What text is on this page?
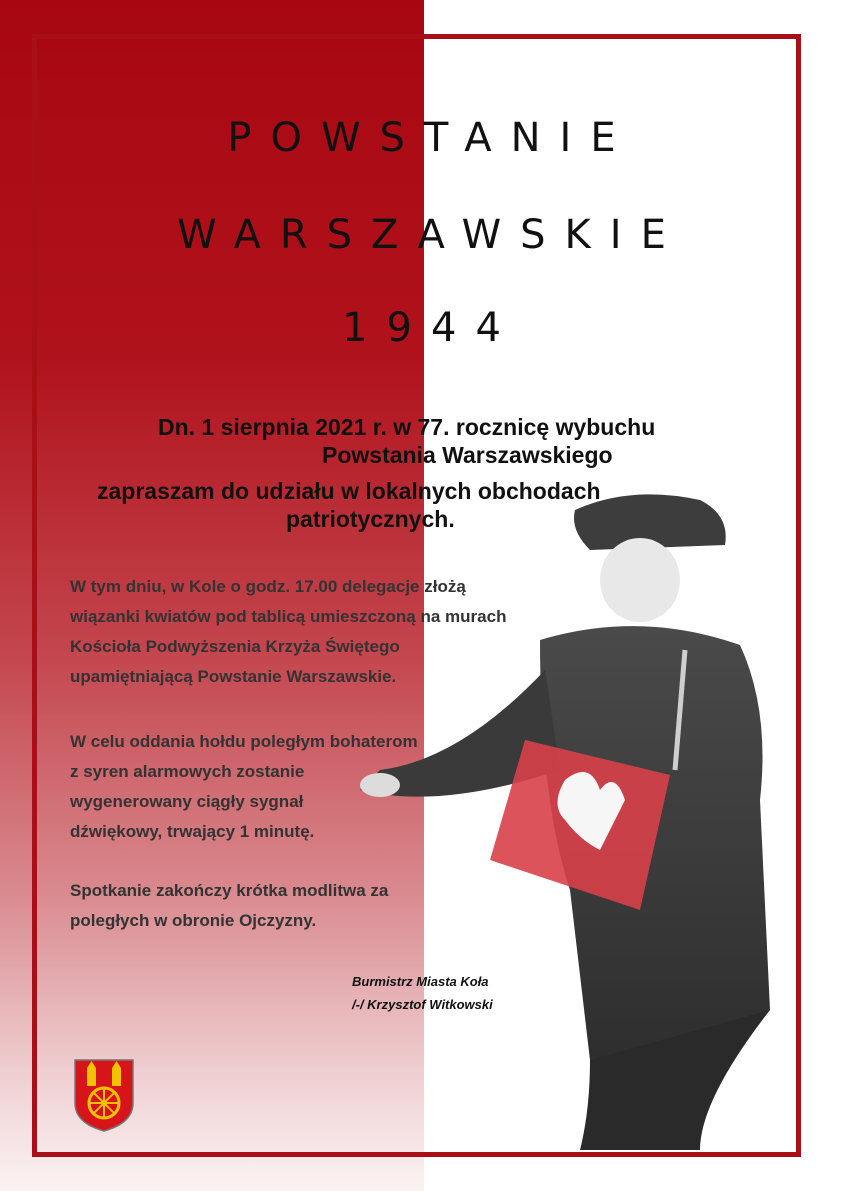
POWSTANIE
WARSZAWSKIE
1944
Dn. 1 sierpnia 2021 r. w 77. rocznicę wybuchu
Powstania Warszawskiego
zapraszam do udziału w lokalnych obchodach
patriotycznych.
W tym dniu, w Kole o godz. 17.00 delegacje złożą
wiązanki kwiatów pod tablicą umieszczoną na murach
Kościoła Podwyższenia Krzyża Świętego
upamiętniającą Powstanie Warszawskie.
W celu oddania hołdu poległym bohaterom
z syren alarmowych zostanie
wygenerowany ciągły sygnał
dźwiękowy, trwający 1 minutę.
Spotkanie zakończy krótka modlitwa za
poległych w obronie Ojczyzny.
Burmistrz Miasta Koła
/-/ Krzysztof Witkowski
